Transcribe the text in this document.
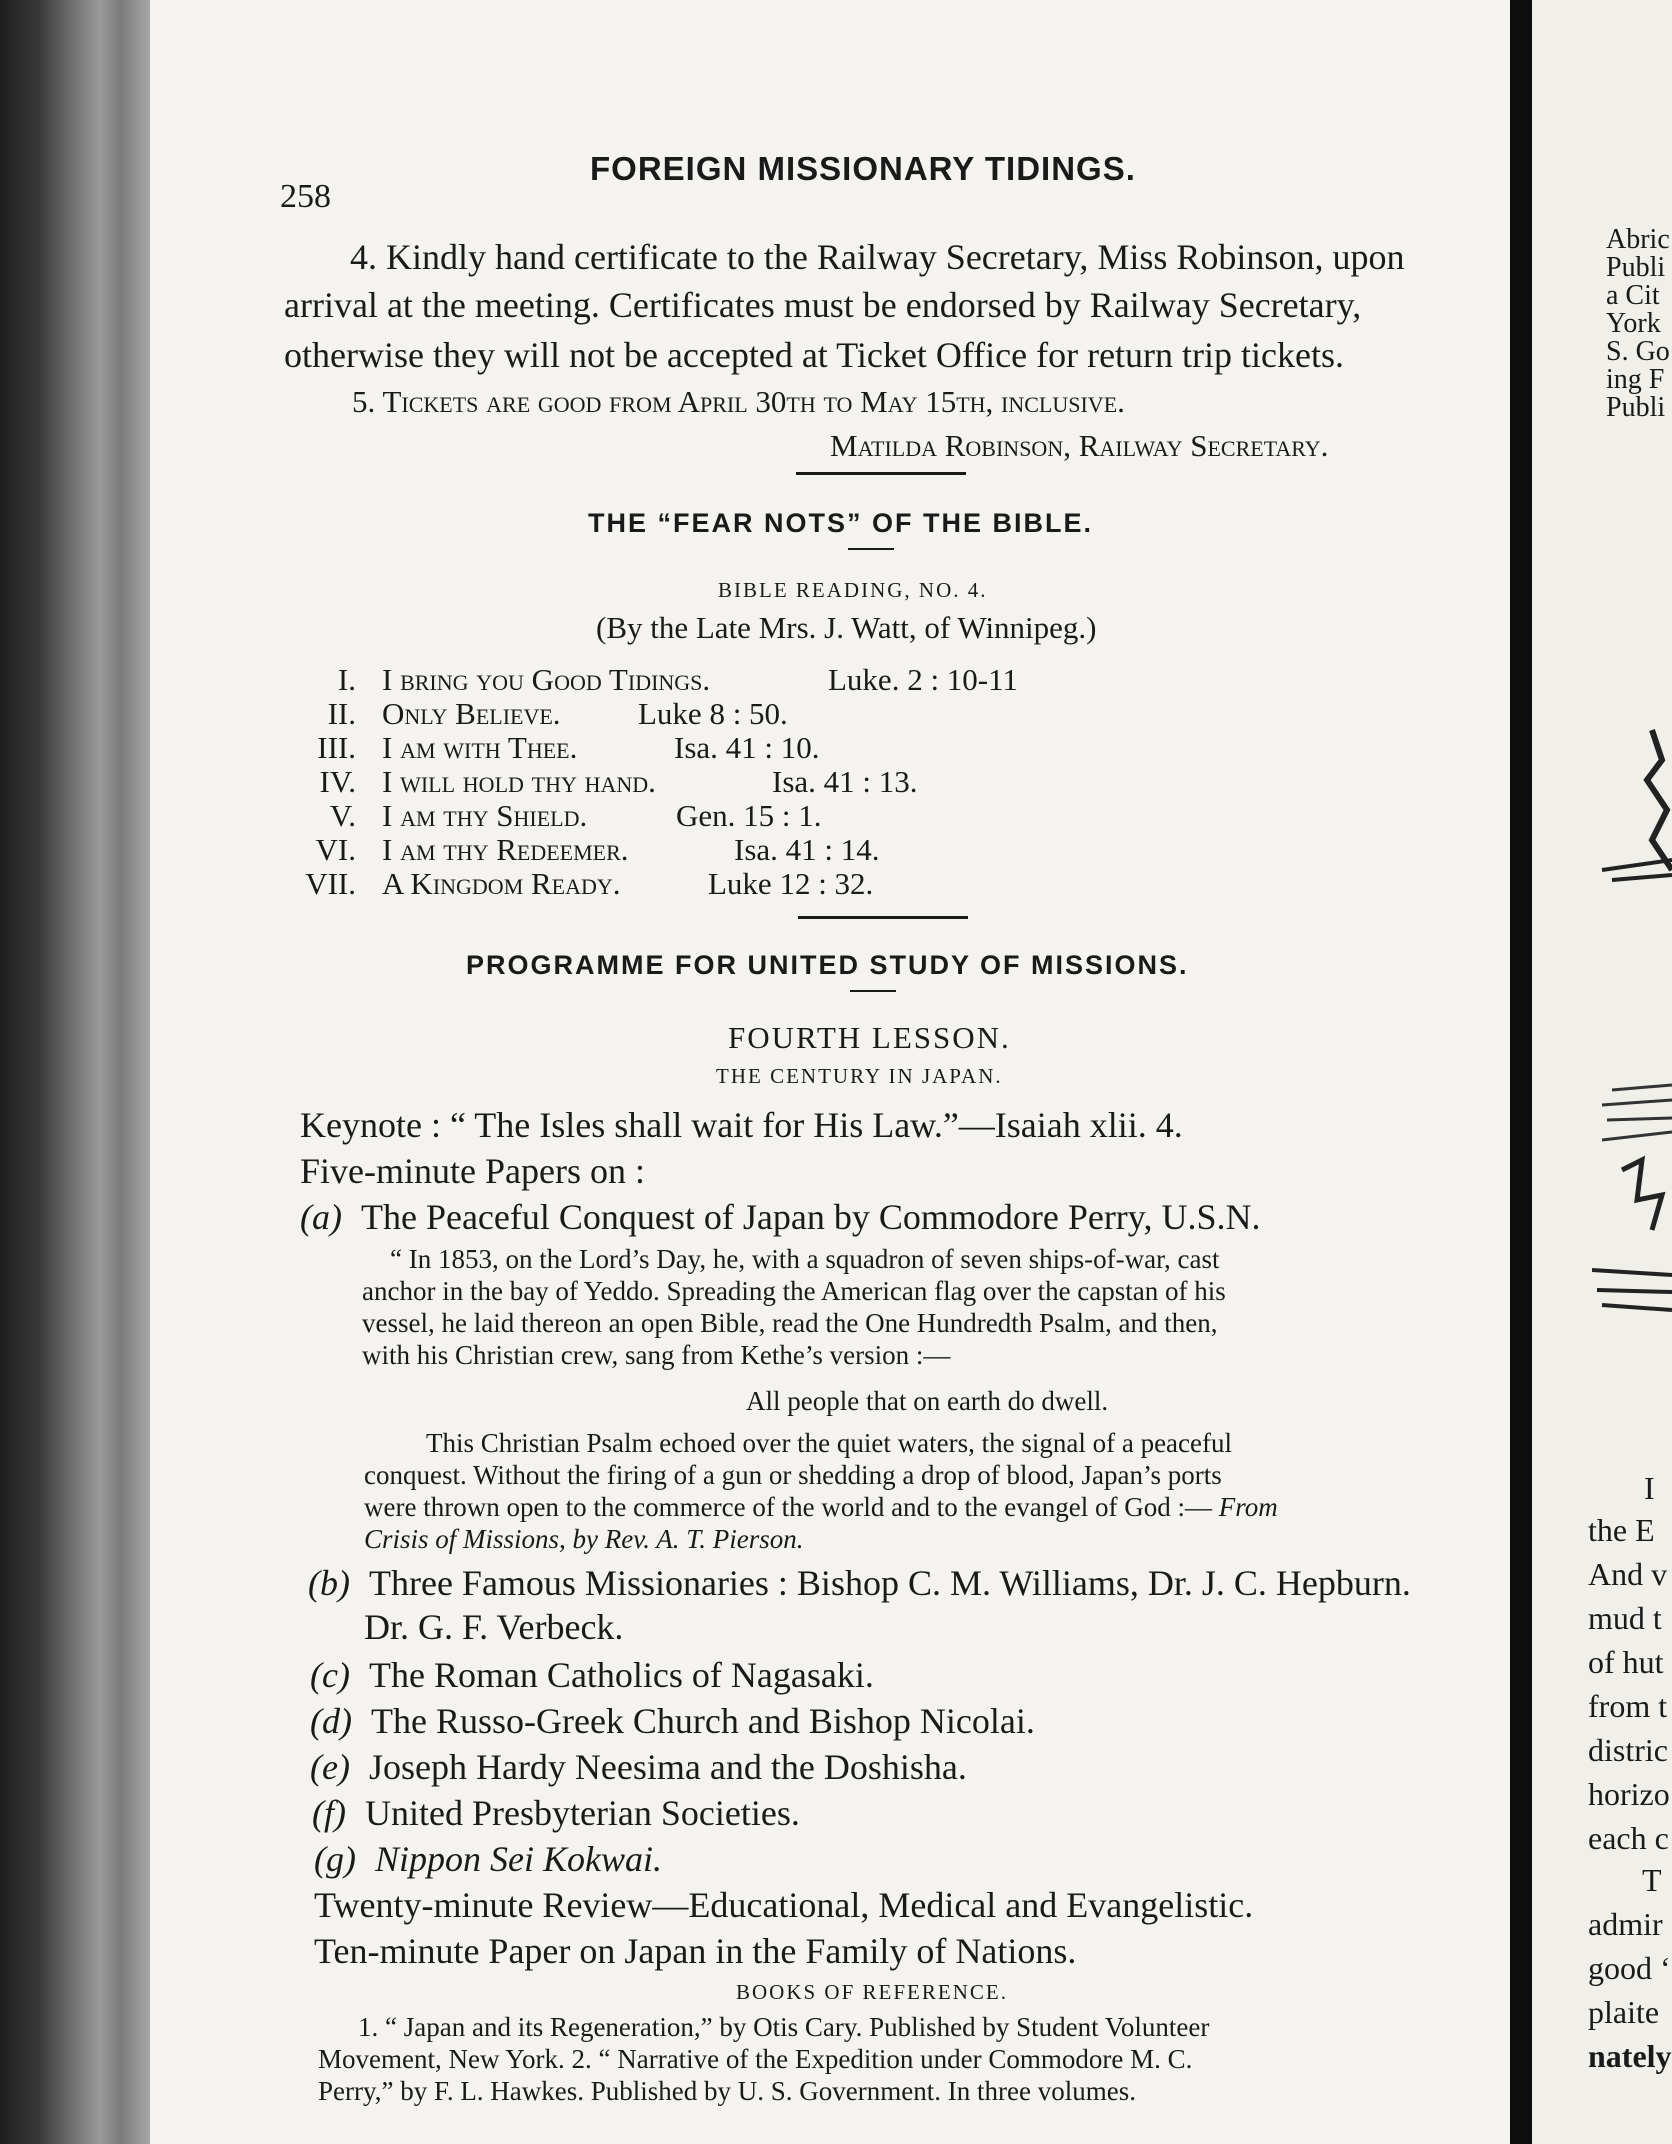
258
FOREIGN MISSIONARY TIDINGS.
4. Kindly hand certificate to the Railway Secretary, Miss Robinson, upon
arrival at the meeting. Certificates must be endorsed by Railway Secretary,
otherwise they will not be accepted at Ticket Office for return trip tickets.
5. Tickets are good from April 30th to May 15th, inclusive.
Matilda Robinson, Railway Secretary.
THE “FEAR NOTS” OF THE BIBLE.
BIBLE READING, NO. 4.
(By the Late Mrs. J. Watt, of Winnipeg.)
I. I bring you Good Tidings.	Luke. 2 : 10-11
II. Only Believe. Luke 8 : 50.
III. I am with Thee.	Isa. 41 : 10.
IV. I will hold thy hand.	Isa. 41 : 13.
V. I am thy Shield.	Gen. 15 : 1.
VI. I am thy Redeemer.	Isa. 41 : 14.
VII. A Kingdom Ready.	Luke 12 : 32.
PROGRAMME FOR UNITED STUDY OF MISSIONS.
FOURTH LESSON.
THE CENTURY IN JAPAN.
Keynote : “ The Isles shall wait for His Law.”—Isaiah xlii. 4.
Five-minute Papers on :
(a) The Peaceful Conquest of Japan by Commodore Perry, U.S.N.
“ In 1853, on the Lord’s Day, he, with a squadron of seven ships-of-war, cast
anchor in the bay of Yeddo. Spreading the American flag over the capstan of his
vessel, he laid thereon an open Bible, read the One Hundredth Psalm, and then,
with his Christian crew, sang from Kethe’s version :—
All people that on earth do dwell.
This Christian Psalm echoed over the quiet waters, the signal of a peaceful
conquest. Without the firing of a gun or shedding a drop of blood, Japan’s ports
were thrown open to the commerce of the world and to the evangel of God :— From
Crisis of Missions, by Rev. A. T. Pierson.
(b) Three Famous Missionaries : Bishop C. M. Williams, Dr. J. C. Hepburn.
Dr. G. F. Verbeck.
(c) The Roman Catholics of Nagasaki.
(d) The Russo-Greek Church and Bishop Nicolai.
(e) Joseph Hardy Neesima and the Doshisha.
(f) United Presbyterian Societies.
(g) Nippon Sei Kokwai.
Twenty-minute Review—Educational, Medical and Evangelistic.
Ten-minute Paper on Japan in the Family of Nations.
BOOKS OF REFERENCE.
1. “ Japan and its Regeneration,” by Otis Cary. Published by Student Volunteer
Movement, New York. 2. “ Narrative of the Expedition under Commodore M. C.
Perry,” by F. L. Hawkes. Published by U. S. Government. In three volumes.
Abric
Publi
a Cit
York
S. Go
ing F
Publi
I
the E
And v
mud t
of hut
from t
distric
horizo
each c
T
admir
good ‘
plaite
nately
